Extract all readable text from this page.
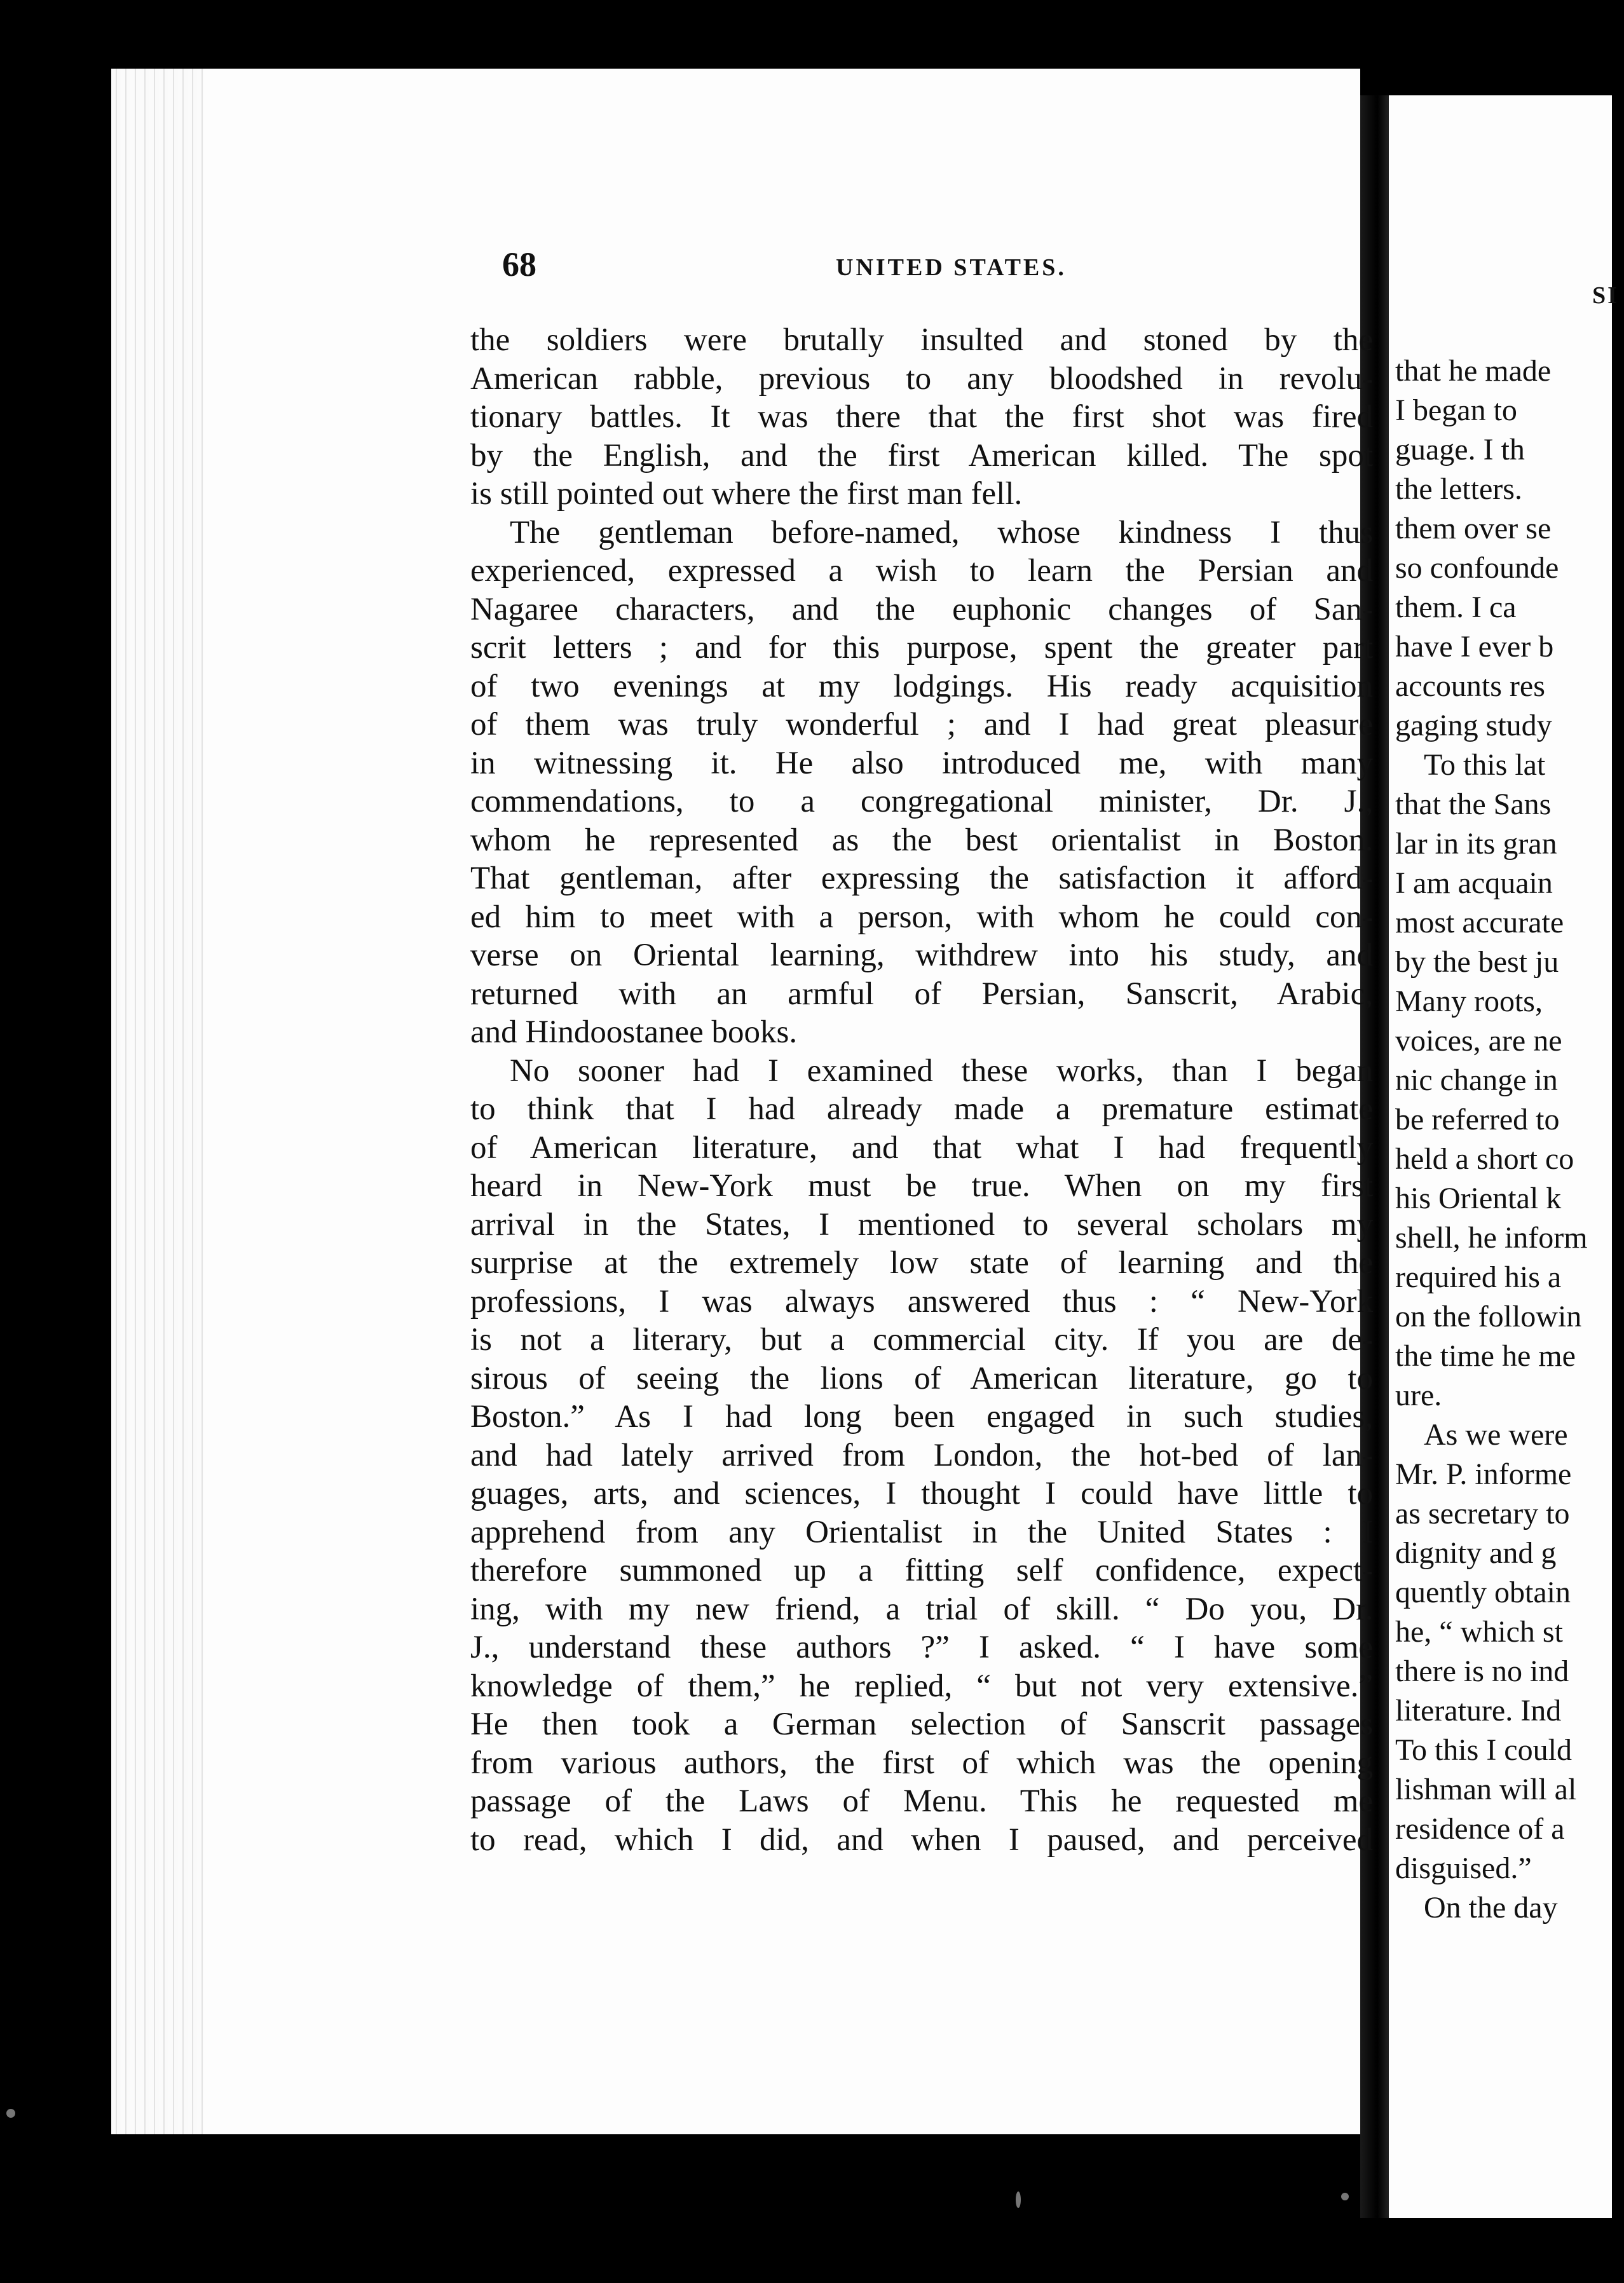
68	UNITED STATES.
the soldiers were brutally insulted and stoned by the
American rabble, previous to any bloodshed in revolu-
tionary battles. It was there that the first shot was fired
by the English, and the first American killed. The spot
is still pointed out where the first man fell.
The gentleman before-named, whose kindness I thus
experienced, expressed a wish to learn the Persian and
Nagaree characters, and the euphonic changes of San-
scrit letters ; and for this purpose, spent the greater part
of two evenings at my lodgings. His ready acquisition
of them was truly wonderful ; and I had great pleasure
in witnessing it. He also introduced me, with many
commendations, to a congregational minister, Dr. J.,
whom he represented as the best orientalist in Boston.
That gentleman, after expressing the satisfaction it afford-
ed him to meet with a person, with whom he could con-
verse on Oriental learning, withdrew into his study, and
returned with an armful of Persian, Sanscrit, Arabic,
and Hindoostanee books.
No sooner had I examined these works, than I began
to think that I had already made a premature estimate
of American literature, and that what I had frequently
heard in New-York must be true. When on my first
arrival in the States, I mentioned to several scholars my
surprise at the extremely low state of learning and the
professions, I was always answered thus : “ New-York
is not a literary, but a commercial city. If you are de-
sirous of seeing the lions of American literature, go to
Boston.” As I had long been engaged in such studies,
and had lately arrived from London, the hot-bed of lan-
guages, arts, and sciences, I thought I could have little to
apprehend from any Orientalist in the United States : I
therefore summoned up a fitting self confidence, expect-
ing, with my new friend, a trial of skill. “ Do you, Dr.
J., understand these authors ?” I asked. “ I have some
knowledge of them,” he replied, “ but not very extensive.”
He then took a German selection of Sanscrit passages
from various authors, the first of which was the opening
passage of the Laws of Menu. This he requested me
to read, which I did, and when I paused, and perceived
SI
that he made
I began to
guage. I th
the letters.
them over se
so confounde
them. I ca
have I ever b
accounts res
gaging study
To this lat
that the Sans
lar in its gran
I am acquain
most accurate
by the best ju
Many roots,
voices, are ne
nic change in
be referred to
held a short co
his Oriental k
shell, he inform
required his a
on the followin
the time he me
ure.
As we were
Mr. P. informe
as secretary to
dignity and g
quently obtain
he, “ which st
there is no ind
literature. Ind
To this I could
lishman will al
residence of a
disguised.”
On the day
